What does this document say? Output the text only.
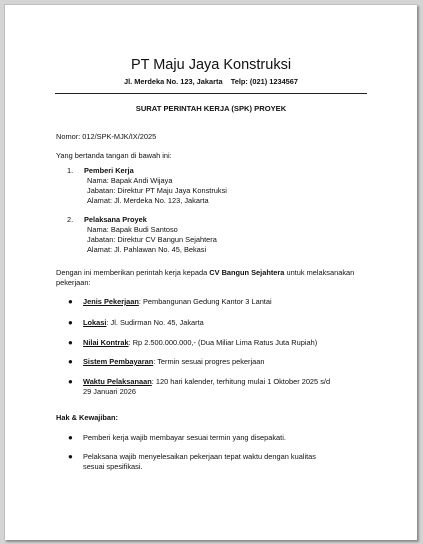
PT Maju Jaya Konstruksi
Jl. Merdeka No. 123, Jakarta    Telp: (021) 1234567
SURAT PERINTAH KERJA (SPK) PROYEK
Nomor: 012/SPK-MJK/IX/2025
Yang bertanda tangan di bawah ini:
1. Pemberi Kerja
Nama: Bapak Andi Wijaya
Jabatan: Direktur PT Maju Jaya Konstruksi
Alamat: Jl. Merdeka No. 123, Jakarta
2. Pelaksana Proyek
Nama: Bapak Budi Santoso
Jabatan: Direktur CV Bangun Sejahtera
Alamat: Jl. Pahlawan No. 45, Bekasi
Dengan ini memberikan perintah kerja kepada CV Bangun Sejahtera untuk melaksanakan pekerjaan:
● Jenis Pekerjaan: Pembangunan Gedung Kantor 3 Lantai
● Lokasi: Jl. Sudirman No. 45, Jakarta
● Nilai Kontrak: Rp 2.500.000.000,- (Dua Miliar Lima Ratus Juta Rupiah)
● Sistem Pembayaran: Termin sesuai progres pekerjaan
● Waktu Pelaksanaan: 120 hari kalender, terhitung mulai 1 Oktober 2025 s/d 29 Januari 2026
Hak & Kewajiban:
● Pemberi kerja wajib membayar sesuai termin yang disepakati.
● Pelaksana wajib menyelesaikan pekerjaan tepat waktu dengan kualitas sesuai spesifikasi.
